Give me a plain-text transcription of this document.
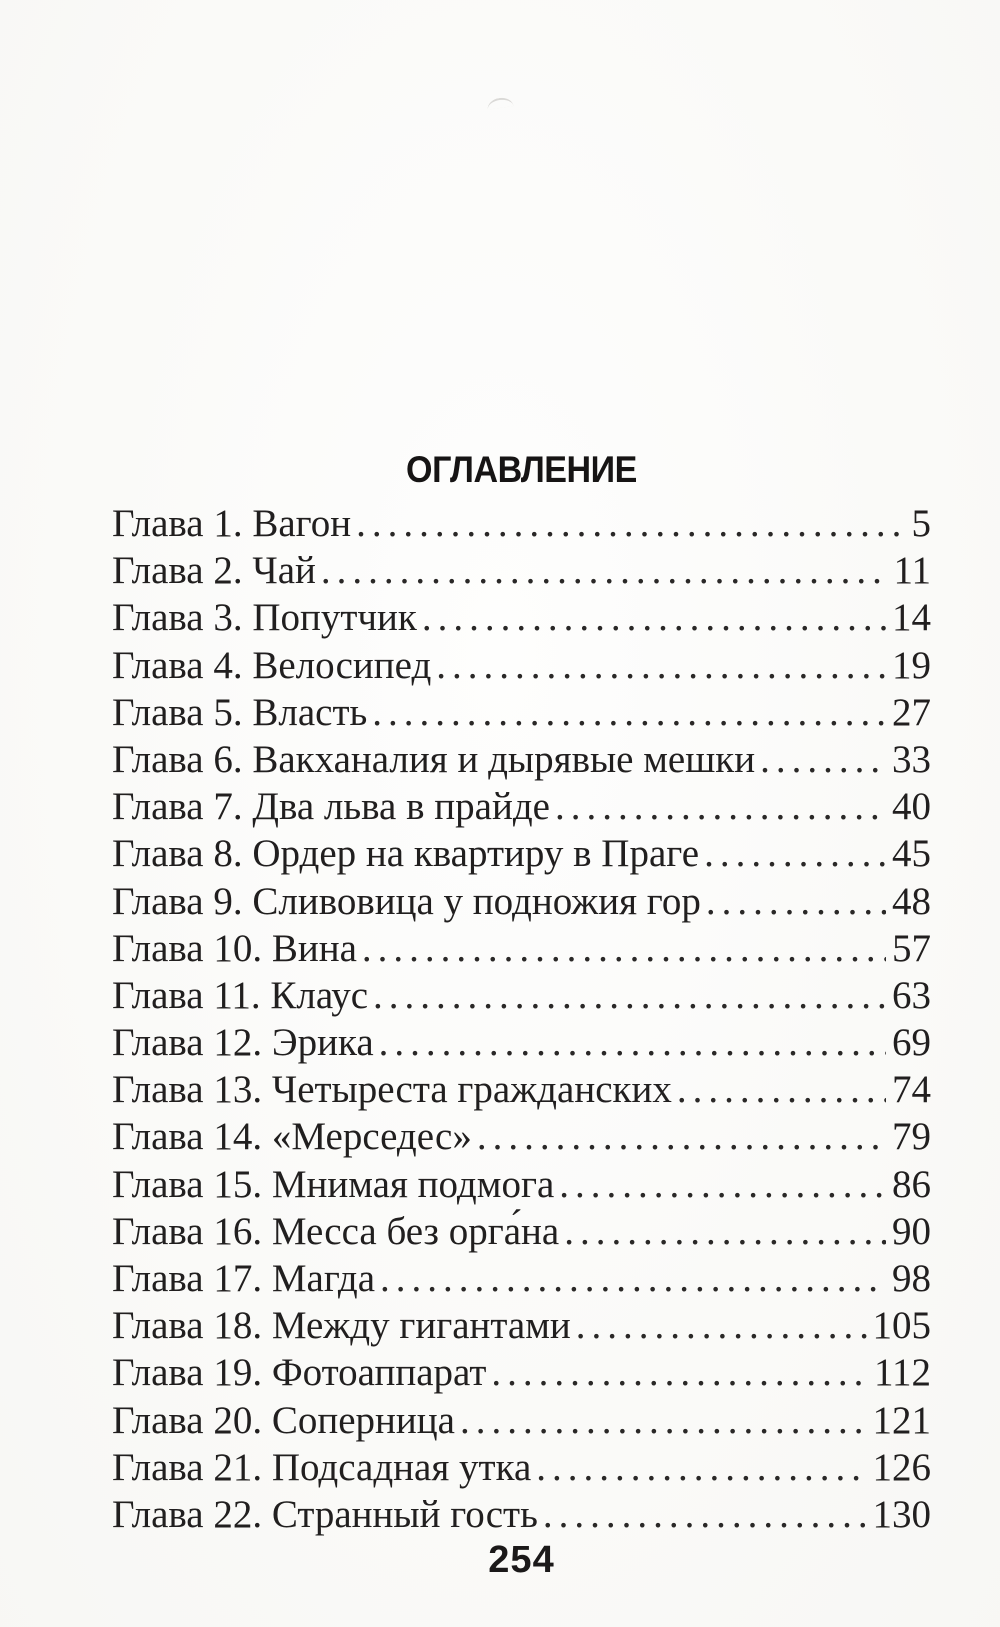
ОГЛАВЛЕНИЕ
Глава 1. Вагон .....	5
Глава 2. Чай .....	11
Глава 3. Попутчик .....	14
Глава 4. Велосипед .....	19
Глава 5. Власть .....	27
Глава 6. Вакханалия и дырявые мешки .....	33
Глава 7. Два льва в прайде .....	40
Глава 8. Ордер на квартиру в Праге .....	45
Глава 9. Сливовица у подножия гор .....	48
Глава 10. Вина .....	57
Глава 11. Клаус .....	63
Глава 12. Эрика .....	69
Глава 13. Четыреста гражданских .....	74
Глава 14. «Мерседес» .....	79
Глава 15. Мнимая подмога .....	86
Глава 16. Месса без орга́на .....	90
Глава 17. Магда .....	98
Глава 18. Между гигантами .....	105
Глава 19. Фотоаппарат .....	112
Глава 20. Соперница .....	121
Глава 21. Подсадная утка .....	126
Глава 22. Странный гость .....	130
254
